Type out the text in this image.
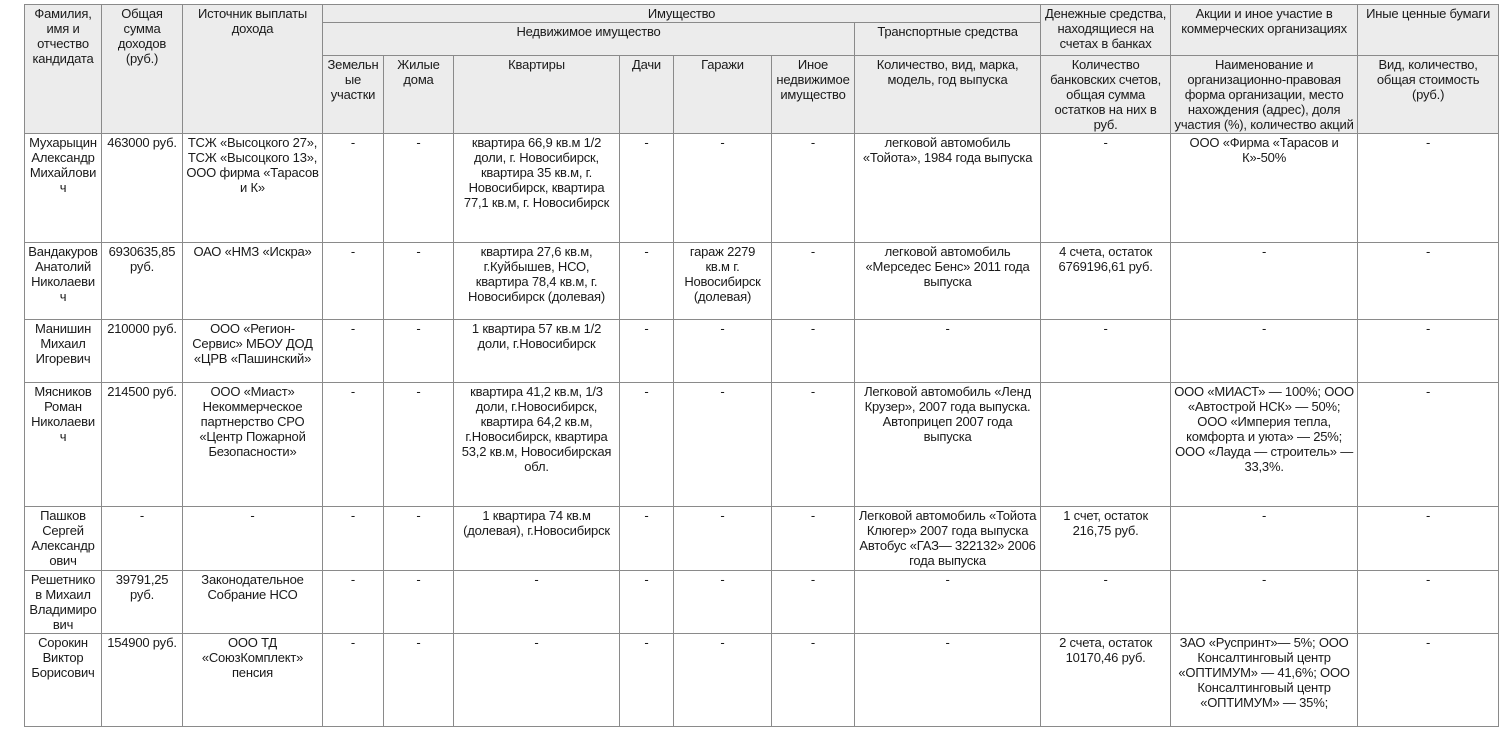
Фамилия, имя и отчество кандидата	Общая сумма доходов (руб.)	Источник выплаты дохода	Имущество							Денежные средства, находящиеся на счетах в банках	Акции и иное участие в коммерческих организациях	Иные ценные бумаги
			Недвижимое имущество						Транспортные средства			
			Земельные участки	Жилые дома	Квартиры	Дачи	Гаражи	Иное недвижимое имущество	Количество, вид, марка, модель, год выпуска	Количество банковских счетов, общая сумма остатков на них в руб.	Наименование и организационно-правовая форма организации, место нахождения (адрес), доля участия (%), количество акций	Вид, количество, общая стоимость (руб.)
Мухарыцин Александр Михайлович	463000 руб.	ТСЖ «Высоцкого 27», ТСЖ «Высоцкого 13», ООО фирма «Тарасов и К»	-	-	квартира 66,9 кв.м 1/2 доли, г. Новосибирск, квартира 35 кв.м, г. Новосибирск, квартира 77,1 кв.м, г. Новосибирск	-	-	-	легковой автомобиль «Тойота», 1984 года выпуска	-	ООО «Фирма «Тарасов и К»-50%	-
Вандакуров Анатолий Николаевич	6930635,85 руб.	ОАО «НМЗ «Искра»	-	-	квартира 27,6 кв.м, г.Куйбышев, НСО, квартира 78,4 кв.м, г. Новосибирск (долевая)	-	гараж 2279 кв.м г. Новосибирск (долевая)	-	легковой автомобиль «Мерседес Бенс» 2011 года выпуска	4 счета, остаток 6769196,61 руб.	-	-
Манишин Михаил Игоревич	210000 руб.	ООО «Регион-Сервис» МБОУ ДОД «ЦРВ «Пашинский»	-	-	1 квартира 57 кв.м 1/2 доли, г.Новосибирск	-	-	-	-	-	-	-
Мясников Роман Николаевич	214500 руб.	ООО «Миаст» Некоммерческое партнерство СРО «Центр Пожарной Безопасности»	-	-	квартира 41,2 кв.м, 1/3 доли, г.Новосибирск, квартира 64,2 кв.м, г.Новосибирск, квартира 53,2 кв.м, Новосибирская обл.	-	-	-	Легковой автомобиль «Ленд Крузер», 2007 года выпуска. Автоприцеп 2007 года выпуска		ООО «МИАСТ» — 100%; ООО «Автострой НСК» — 50%; ООО «Империя тепла, комфорта и уюта» — 25%; ООО «Лауда — строитель» — 33,3%.	-
Пашков Сергей Александрович	-	-	-	-	1 квартира 74 кв.м (долевая), г.Новосибирск	-	-	-	Легковой автомобиль «Тойота Клюгер» 2007 года выпуска Автобус «ГАЗ— 322132» 2006 года выпуска	1 счет, остаток 216,75 руб.	-	-
Решетников Михаил Владимирович	39791,25 руб.	Законодательное Собрание НСО	-	-	-	-	-	-	-	-	-	-
Сорокин Виктор Борисович	154900 руб.	ООО ТД «СоюзКомплект» пенсия	-	-	-	-	-	-	-	2 счета, остаток 10170,46 руб.	ЗАО «Руспринт»— 5%; ООО Консалтинговый центр «ОПТИМУМ» — 41,6%; ООО Консалтинговый центр «ОПТИМУМ» — 35%;	-
